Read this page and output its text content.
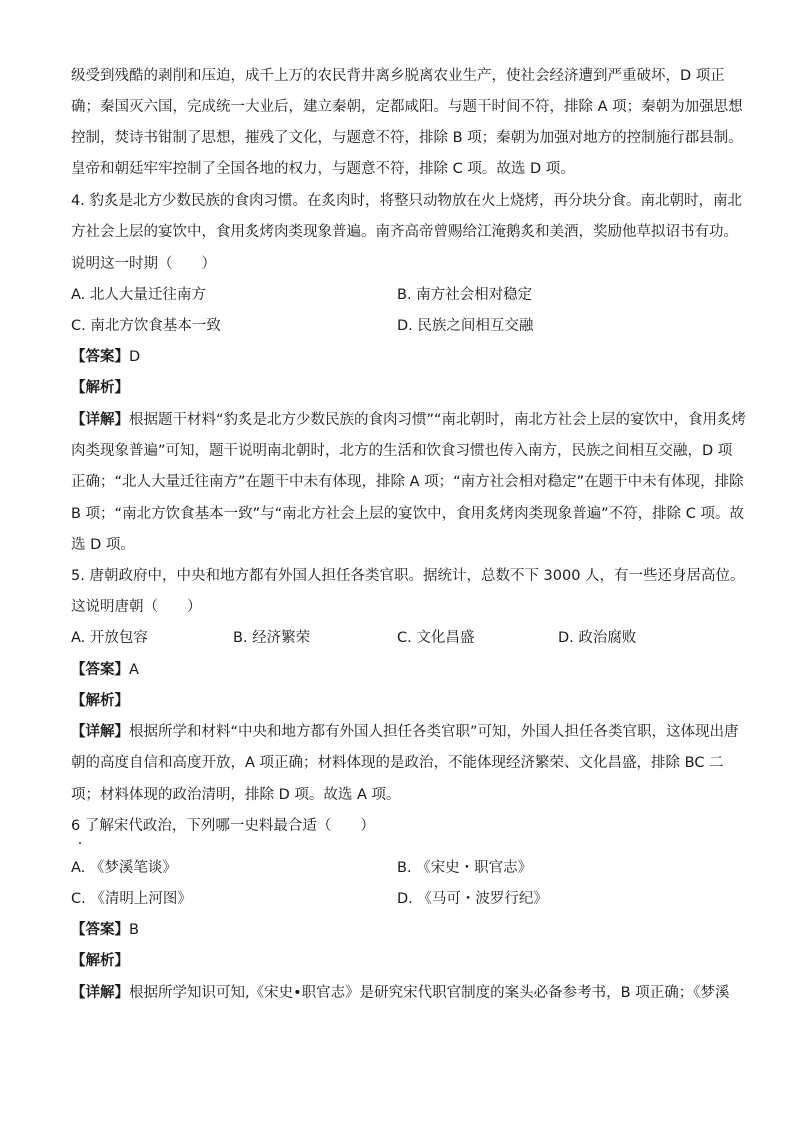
级受到残酷的剥削和压迫，成千上万的农民背井离乡脱离农业生产，使社会经济遭到严重破坏，D 项正
确；秦国灭六国，完成统一大业后，建立秦朝，定都咸阳。与题干时间不符，排除 A 项；秦朝为加强思想
控制，焚诗书钳制了思想，摧残了文化，与题意不符，排除 B 项；秦朝为加强对地方的控制施行郡县制。
皇帝和朝廷牢牢控制了全国各地的权力，与题意不符，排除 C 项。故选 D 项。
4. 豹炙是北方少数民族的食肉习惯。在炙肉时，将整只动物放在火上烧烤，再分块分食。南北朝时，南北
方社会上层的宴饮中，食用炙烤肉类现象普遍。南齐高帝曾赐给江淹鹅炙和美酒，奖励他草拟诏书有功。
说明这一时期（　　）
A. 北人大量迁往南方	B. 南方社会相对稳定
C. 南北方饮食基本一致	D. 民族之间相互交融
【答案】D
【解析】
【详解】根据题干材料“豹炙是北方少数民族的食肉习惯”“南北朝时，南北方社会上层的宴饮中，食用炙烤
肉类现象普遍”可知，题干说明南北朝时，北方的生活和饮食习惯也传入南方，民族之间相互交融，D 项
正确；“北人大量迁往南方”在题干中未有体现，排除 A 项；“南方社会相对稳定”在题干中未有体现，排除
B 项；“南北方饮食基本一致”与“南北方社会上层的宴饮中，食用炙烤肉类现象普遍”不符，排除 C 项。故
选 D 项。
5. 唐朝政府中，中央和地方都有外国人担任各类官职。据统计，总数不下 3000 人，有一些还身居高位。
这说明唐朝（　　）
A. 开放包容	B. 经济繁荣	C. 文化昌盛	D. 政治腐败
【答案】A
【解析】
【详解】根据所学和材料“中央和地方都有外国人担任各类官职”可知，外国人担任各类官职，这体现出唐
朝的高度自信和高度开放，A 项正确；材料体现的是政治，不能体现经济繁荣、文化昌盛，排除 BC 二
项；材料体现的政治清明，排除 D 项。故选 A 项。
6 了解宋代政治，下列哪一史料最合适（　　）
A. 《梦溪笔谈》	B. 《宋史・职官志》
C. 《清明上河图》	D. 《马可・波罗行纪》
【答案】B
【解析】
【详解】根据所学知识可知,《宋史•职官志》是研究宋代职官制度的案头必备参考书，B 项正确；《梦溪
